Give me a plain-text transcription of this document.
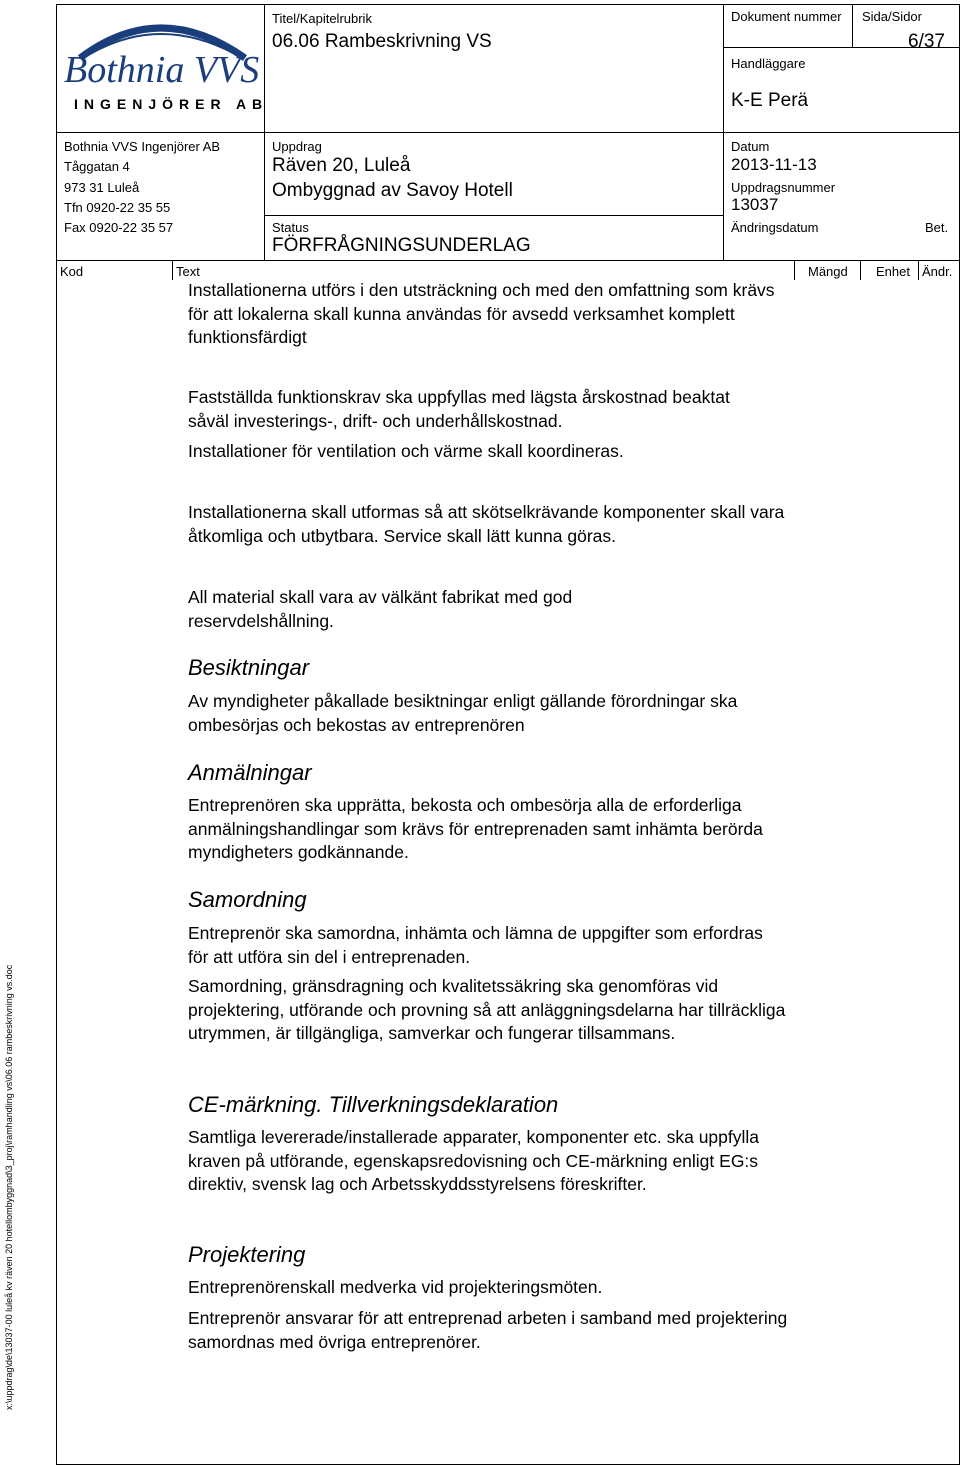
Bothnia VVS
INGENJÖRER AB
Bothnia VVS Ingenjörer AB
Tåggatan 4
973 31 Luleå
Tfn 0920-22 35 55
Fax 0920-22 35 57
Titel/Kapitelrubrik
06.06 Rambeskrivning VS
Dokument nummer Sida/Sidor
6/37
Handläggare
K-E Perä
Uppdrag
Räven 20, Luleå
Ombyggnad av Savoy Hotell
Datum
2013-11-13
Uppdragsnummer
13037
Status
FÖRFRÅGNINGSUNDERLAG
Ändringsdatum	Bet.
Kod	Text	Mängd Enhet Ändr.

Installationerna utförs i den utsträckning och med den omfattning som krävs för att lokalerna skall kunna användas för avsedd verksamhet komplett funktionsfärdigt

Fastställda funktionskrav ska uppfyllas med lägsta årskostnad beaktat såväl investerings-, drift- och underhållskostnad.

Installationer för ventilation och värme skall koordineras.

Installationerna skall utformas så att skötselkrävande komponenter skall vara åtkomliga och utbytbara. Service skall lätt kunna göras.

All material skall vara av välkänt fabrikat med god reservdelshållning.

Besiktningar

Av myndigheter påkallade besiktningar enligt gällande förordningar ska ombesörjas och bekostas av entreprenören

Anmälningar

Entreprenören ska upprätta, bekosta och ombesörja alla de erforderliga anmälningshandlingar som krävs för entreprenaden samt inhämta berörda myndigheters godkännande.

Samordning

Entreprenör ska samordna, inhämta och lämna de uppgifter som erfordras för att utföra sin del i entreprenaden.

Samordning, gränsdragning och kvalitetssäkring ska genomföras vid projektering, utförande och provning så att anläggningsdelarna har tillräckliga utrymmen, är tillgängliga, samverkar och fungerar tillsammans.

CE-märkning. Tillverkningsdeklaration

Samtliga levererade/installerade apparater, komponenter etc. ska uppfylla kraven på utförande, egenskapsredovisning och CE-märkning enligt EG:s direktiv, svensk lag och Arbetsskyddsstyrelsens föreskrifter.

Projektering

Entreprenörenskall medverka vid projekteringsmöten.

Entreprenör ansvarar för att entreprenad arbeten i samband med projektering samordnas med övriga entreprenörer.

x:\uppdrag\de\13037-00 luleå kv räven 20 hotellombyggnad\3_proj\ramhandling vs\06.06 rambeskrivning vs.doc
